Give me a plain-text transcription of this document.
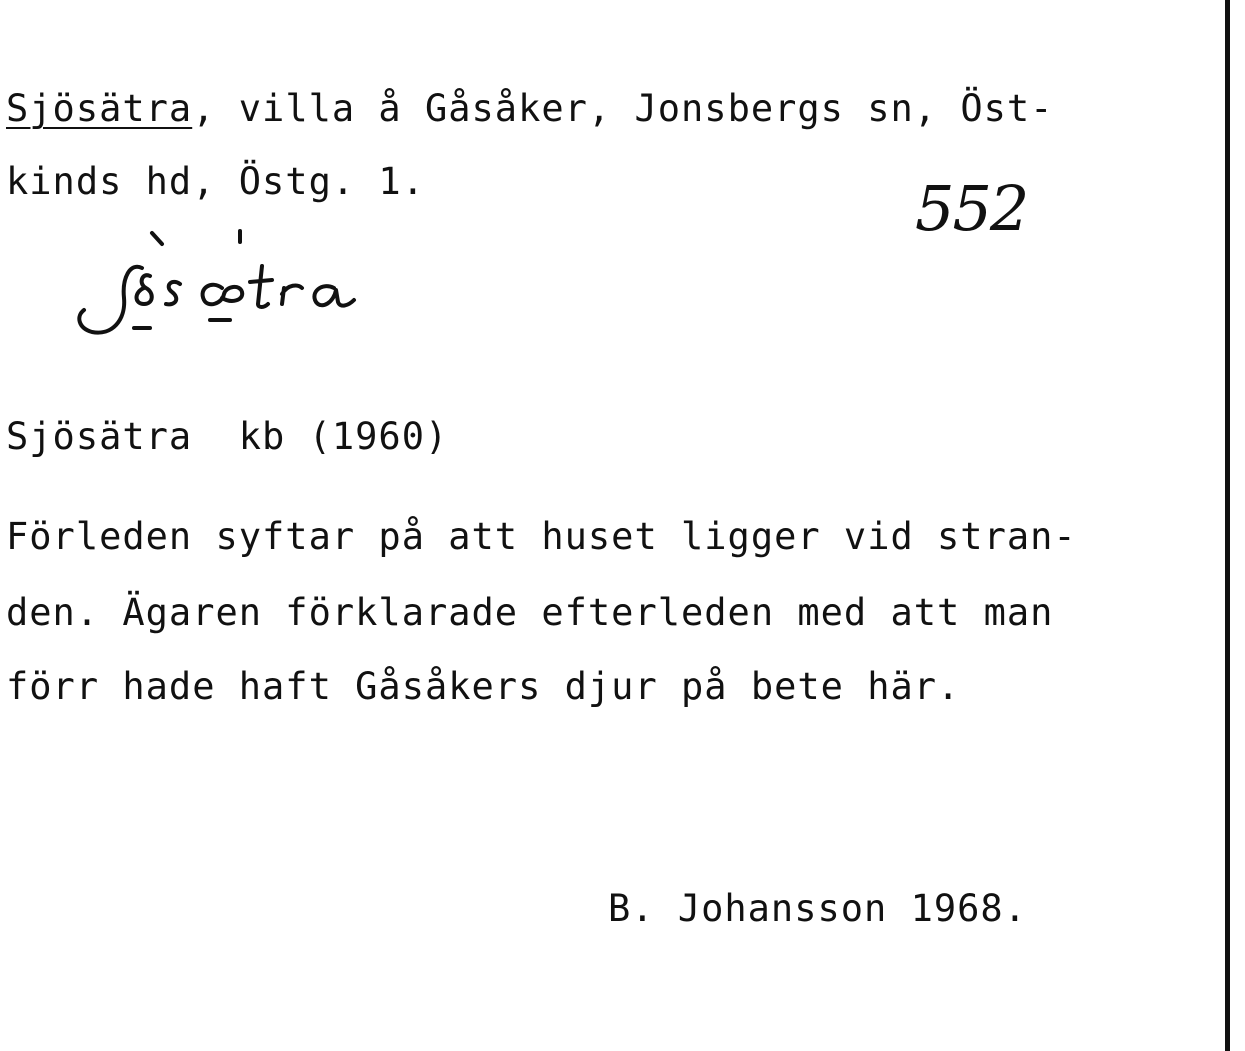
Sjösätra, villa å Gåsåker, Jonsbergs sn, Öst-
kinds hd, Östg. 1.	552
Sjösätra  kb (1960)
Förleden syftar på att huset ligger vid stran-
den. Ägaren förklarade efterleden med att man
förr hade haft Gåsåkers djur på bete här.
B. Johansson 1968.
